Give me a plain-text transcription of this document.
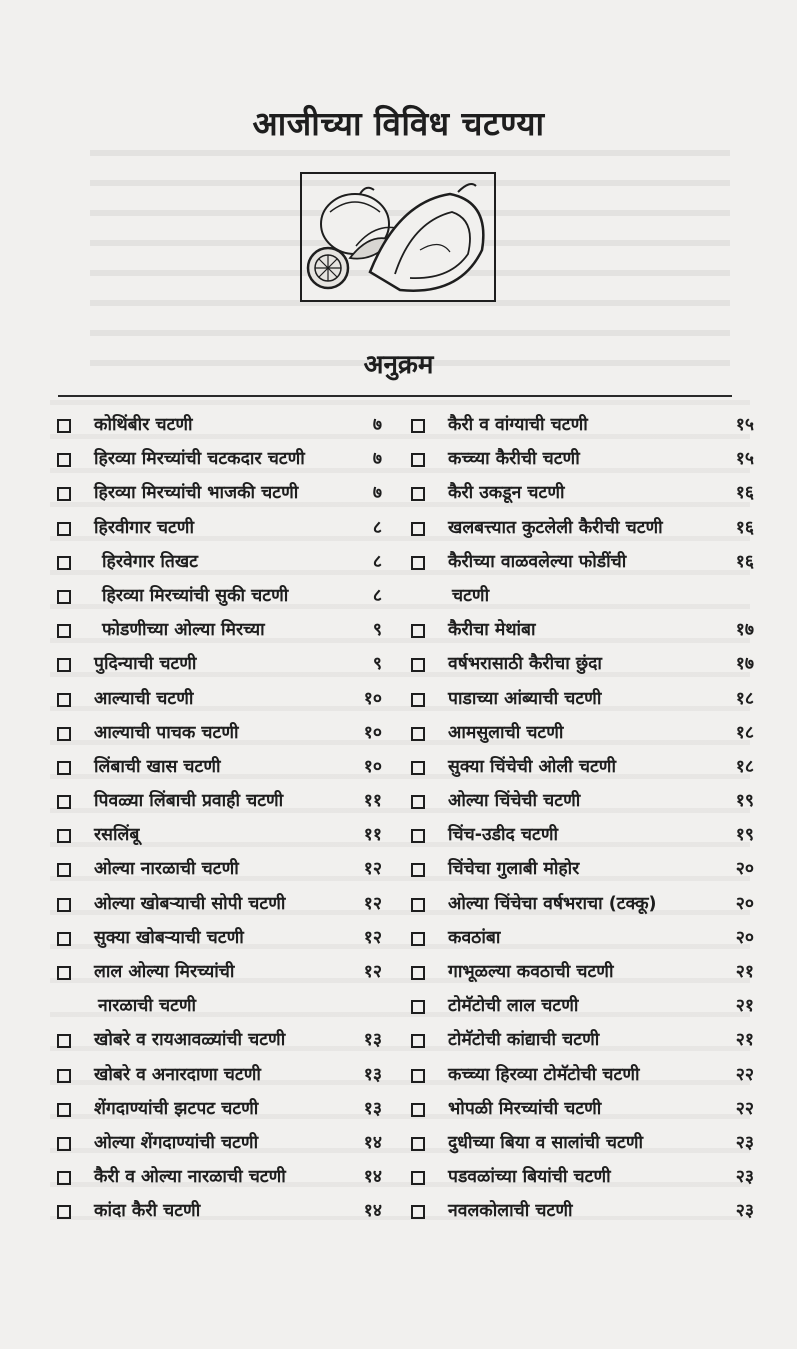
आजीच्या विविध चटण्या
अनुक्रम
कोथिंबीर चटणी	७
हिरव्या मिरच्यांची चटकदार चटणी	७
हिरव्या मिरच्यांची भाजकी चटणी	७
हिरवीगार चटणी	८
हिरवेगार तिखट	८
हिरव्या मिरच्यांची सुकी चटणी	८
फोडणीच्या ओल्या मिरच्या	९
पुदिन्याची चटणी	९
आल्याची चटणी	१०
आल्याची पाचक चटणी	१०
लिंबाची खास चटणी	१०
पिवळ्या लिंबाची प्रवाही चटणी	११
रसलिंबू	११
ओल्या नारळाची चटणी	१२
ओल्या खोबऱ्याची सोपी चटणी	१२
सुक्या खोबऱ्याची चटणी	१२
लाल ओल्या मिरच्यांची	१२
नारळाची चटणी
खोबरे व रायआवळ्यांची चटणी	१३
खोबरे व अनारदाणा चटणी	१३
शेंगदाण्यांची झटपट चटणी	१३
ओल्या शेंगदाण्यांची चटणी	१४
कैरी व ओल्या नारळाची चटणी	१४
कांदा कैरी चटणी	१४
कैरी व वांग्याची चटणी	१५
कच्च्या कैरीची चटणी	१५
कैरी उकडून चटणी	१६
खलबत्त्यात कुटलेली कैरीची चटणी	१६
कैरीच्या वाळवलेल्या फोडींची	१६
चटणी
कैरीचा मेथांबा	१७
वर्षभरासाठी कैरीचा छुंदा	१७
पाडाच्या आंब्याची चटणी	१८
आमसुलाची चटणी	१८
सुक्या चिंचेची ओली चटणी	१८
ओल्या चिंचेची चटणी	१९
चिंच-उडीद चटणी	१९
चिंचेचा गुलाबी मोहोर	२०
ओल्या चिंचेचा वर्षभराचा (टक्कू)	२०
कवठांबा	२०
गाभूळल्या कवठाची चटणी	२१
टोमॅटोची लाल चटणी	२१
टोमॅटोची कांद्याची चटणी	२१
कच्च्या हिरव्या टोमॅटोची चटणी	२२
भोपळी मिरच्यांची चटणी	२२
दुधीच्या बिया व सालांची चटणी	२३
पडवळांच्या बियांची चटणी	२३
नवलकोलाची चटणी	२३
